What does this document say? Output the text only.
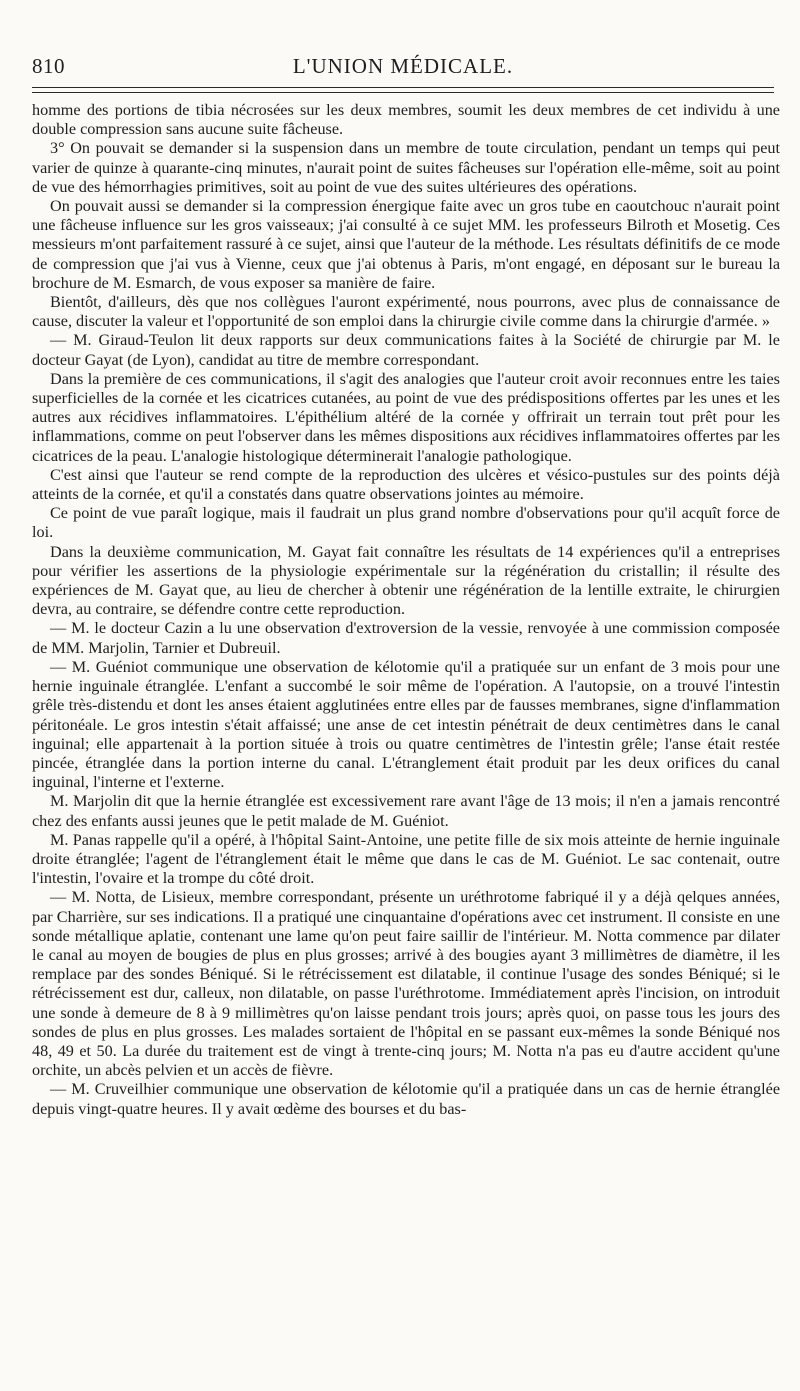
810	L'UNION MÉDICALE.

homme des portions de tibia nécrosées sur les deux membres, soumit les deux membres de cet individu à une double compression sans aucune suite fâcheuse.

3° On pouvait se demander si la suspension dans un membre de toute circulation, pendant un temps qui peut varier de quinze à quarante-cinq minutes, n'aurait point de suites fâcheuses sur l'opération elle-même, soit au point de vue des hémorrhagies primitives, soit au point de vue des suites ultérieures des opérations.

On pouvait aussi se demander si la compression énergique faite avec un gros tube en caoutchouc n'aurait point une fâcheuse influence sur les gros vaisseaux; j'ai consulté à ce sujet MM. les professeurs Bilroth et Mosetig. Ces messieurs m'ont parfaitement rassuré à ce sujet, ainsi que l'auteur de la méthode. Les résultats définitifs de ce mode de compression que j'ai vus à Vienne, ceux que j'ai obtenus à Paris, m'ont engagé, en déposant sur le bureau la brochure de M. Esmarch, de vous exposer sa manière de faire.

Bientôt, d'ailleurs, dès que nos collègues l'auront expérimenté, nous pourrons, avec plus de connaissance de cause, discuter la valeur et l'opportunité de son emploi dans la chirurgie civile comme dans la chirurgie d'armée. »

— M. Giraud-Teulon lit deux rapports sur deux communications faites à la Société de chirurgie par M. le docteur Gayat (de Lyon), candidat au titre de membre correspondant.

Dans la première de ces communications, il s'agit des analogies que l'auteur croit avoir reconnues entre les taies superficielles de la cornée et les cicatrices cutanées, au point de vue des prédispositions offertes par les unes et les autres aux récidives inflammatoires. L'épithélium altéré de la cornée y offrirait un terrain tout prêt pour les inflammations, comme on peut l'observer dans les mêmes dispositions aux récidives inflammatoires offertes par les cicatrices de la peau. L'analogie histologique déterminerait l'analogie pathologique.

C'est ainsi que l'auteur se rend compte de la reproduction des ulcères et vésico-pustules sur des points déjà atteints de la cornée, et qu'il a constatés dans quatre observations jointes au mémoire.

Ce point de vue paraît logique, mais il faudrait un plus grand nombre d'observations pour qu'il acquît force de loi.

Dans la deuxième communication, M. Gayat fait connaître les résultats de 14 expériences qu'il a entreprises pour vérifier les assertions de la physiologie expérimentale sur la régénération du cristallin; il résulte des expériences de M. Gayat que, au lieu de chercher à obtenir une régénération de la lentille extraite, le chirurgien devra, au contraire, se défendre contre cette reproduction.

— M. le docteur Cazin a lu une observation d'extroversion de la vessie, renvoyée à une commission composée de MM. Marjolin, Tarnier et Dubreuil.

— M. Guéniot communique une observation de kélotomie qu'il a pratiquée sur un enfant de 3 mois pour une hernie inguinale étranglée. L'enfant a succombé le soir même de l'opération. A l'autopsie, on a trouvé l'intestin grêle très-distendu et dont les anses étaient agglutinées entre elles par de fausses membranes, signe d'inflammation péritonéale. Le gros intestin s'était affaissé; une anse de cet intestin pénétrait de deux centimètres dans le canal inguinal; elle appartenait à la portion située à trois ou quatre centimètres de l'intestin grêle; l'anse était restée pincée, étranglée dans la portion interne du canal. L'étranglement était produit par les deux orifices du canal inguinal, l'interne et l'externe.

M. Marjolin dit que la hernie étranglée est excessivement rare avant l'âge de 13 mois; il n'en a jamais rencontré chez des enfants aussi jeunes que le petit malade de M. Guéniot.

M. Panas rappelle qu'il a opéré, à l'hôpital Saint-Antoine, une petite fille de six mois atteinte de hernie inguinale droite étranglée; l'agent de l'étranglement était le même que dans le cas de M. Guéniot. Le sac contenait, outre l'intestin, l'ovaire et la trompe du côté droit.

— M. Notta, de Lisieux, membre correspondant, présente un uréthrotome fabriqué il y a déjà qelques années, par Charrière, sur ses indications. Il a pratiqué une cinquantaine d'opérations avec cet instrument. Il consiste en une sonde métallique aplatie, contenant une lame qu'on peut faire saillir de l'intérieur. M. Notta commence par dilater le canal au moyen de bougies de plus en plus grosses; arrivé à des bougies ayant 3 millimètres de diamètre, il les remplace par des sondes Béniqué. Si le rétrécissement est dilatable, il continue l'usage des sondes Béniqué; si le rétrécissement est dur, calleux, non dilatable, on passe l'uréthrotome. Immédiatement après l'incision, on introduit une sonde à demeure de 8 à 9 millimètres qu'on laisse pendant trois jours; après quoi, on passe tous les jours des sondes de plus en plus grosses. Les malades sortaient de l'hôpital en se passant eux-mêmes la sonde Béniqué nos 48, 49 et 50. La durée du traitement est de vingt à trente-cinq jours; M. Notta n'a pas eu d'autre accident qu'une orchite, un abcès pelvien et un accès de fièvre.

— M. Cruveilhier communique une observation de kélotomie qu'il a pratiquée dans un cas de hernie étranglée depuis vingt-quatre heures. Il y avait œdème des bourses et du bas-
